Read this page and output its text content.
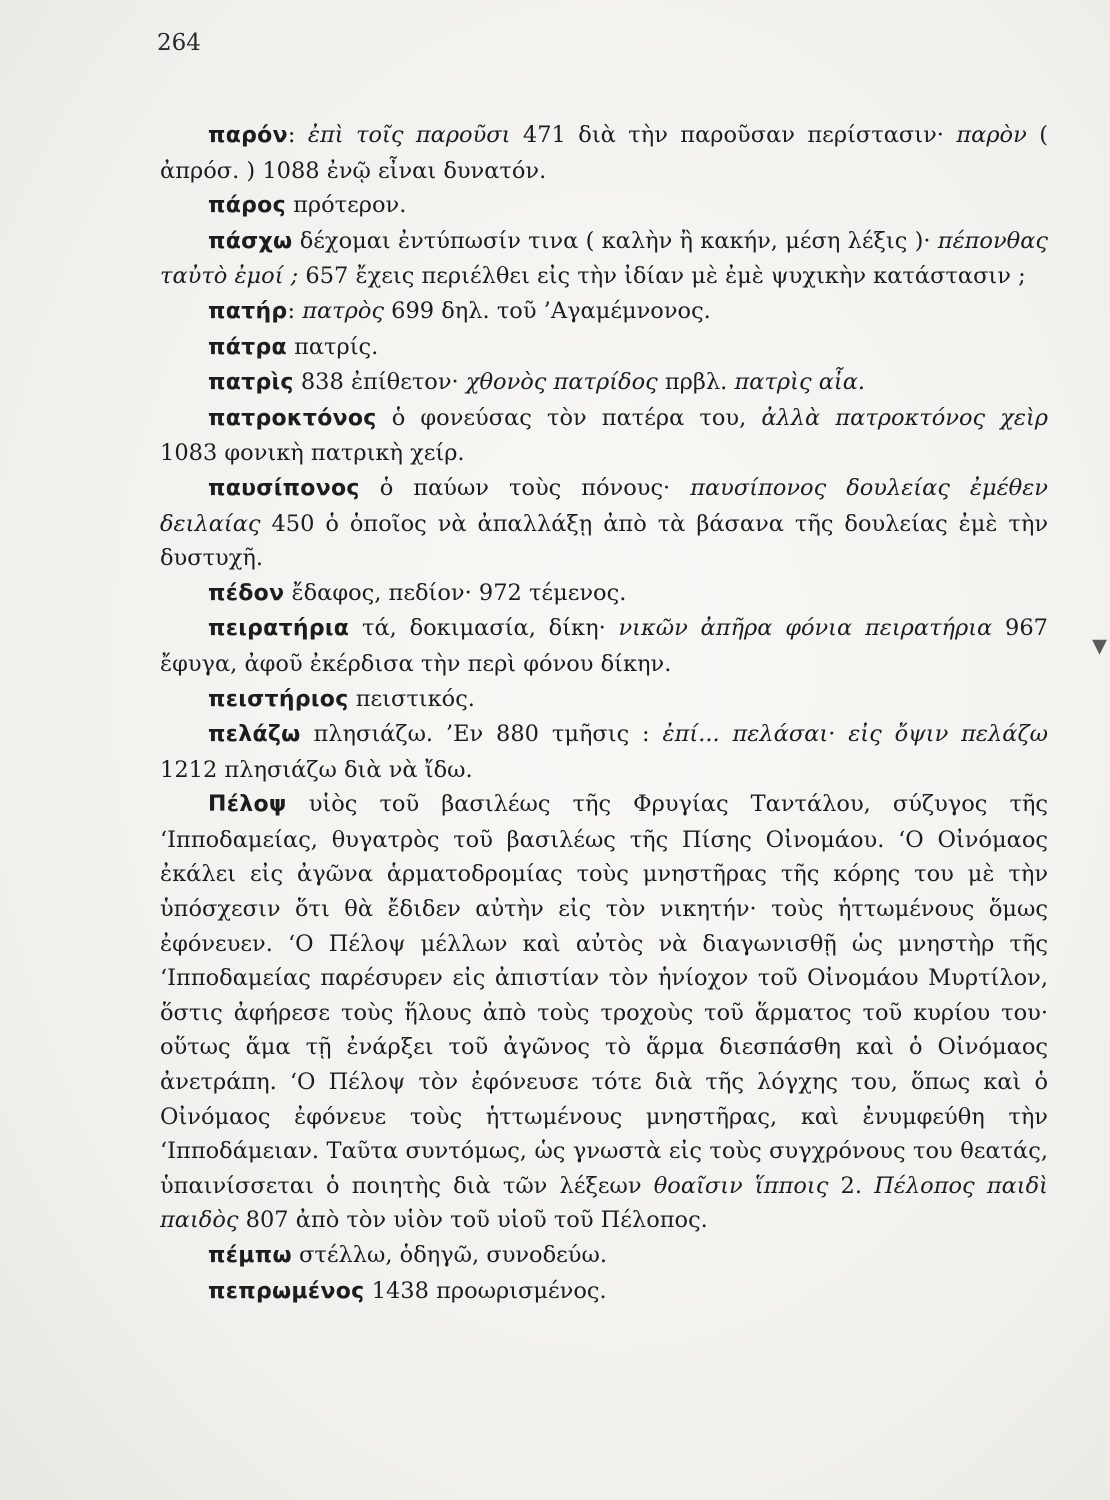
264

παρόν: ἐπὶ τοῖς παροῦσι 471 διὰ τὴν παροῦσαν περίστασιν· παρὸν ( ἀπρόσ. ) 1088 ἐνῷ εἶναι δυνατόν.

πάρος πρότερον.

πάσχω δέχομαι ἐντύπωσίν τινα ( καλὴν ἢ κακήν, μέση λέξις )· πέπονθας ταὐτὸ ἐμοί ; 657 ἔχεις περιέλθει εἰς τὴν ἰδίαν μὲ ἐμὲ ψυχικὴν κατάστασιν ;

πατήρ: πατρὸς 699 δηλ. τοῦ ’Αγαμέμνονος.

πάτρα πατρίς.

πατρὶς 838 ἐπίθετον· χθονὸς πατρίδος πρβλ. πατρὶς αἶα.

πατροκτόνος ὁ φονεύσας τὸν πατέρα του, ἀλλὰ πατροκτόνος χεὶρ 1083 φονικὴ πατρικὴ χείρ.

παυσίπονος ὁ παύων τοὺς πόνους· παυσίπονος δουλείας ἐμέθεν δειλαίας 450 ὁ ὁποῖος νὰ ἀπαλλάξῃ ἀπὸ τὰ βάσανα τῆς δουλείας ἐμὲ τὴν δυστυχῆ.

πέδον ἔδαφος, πεδίον· 972 τέμενος.

πειρατήρια τά, δοκιμασία, δίκη· νικῶν ἀπῆρα φόνια πειρατήρια 967 ἔφυγα, ἀφοῦ ἐκέρδισα τὴν περὶ φόνου δίκην.

πειστήριος πειστικός.

πελάζω πλησιάζω. ’Εν 880 τμῆσις : ἐπί... πελάσαι· εἰς ὄψιν πελάζω 1212 πλησιάζω διὰ νὰ ἴδω.

Πέλοψ υἱὸς τοῦ βασιλέως τῆς Φρυγίας Ταντάλου, σύζυγος τῆς ‘Ιπποδαμείας, θυγατρὸς τοῦ βασιλέως τῆς Πίσης Οἰνομάου. ‘Ο Οἰνόμαος ἐκάλει εἰς ἀγῶνα ἁρματοδρομίας τοὺς μνηστῆρας τῆς κόρης του μὲ τὴν ὑπόσχεσιν ὅτι θὰ ἔδιδεν αὐτὴν εἰς τὸν νικητήν· τοὺς ἡττωμένους ὅμως ἐφόνευεν. ‘Ο Πέλοψ μέλλων καὶ αὐτὸς νὰ διαγωνισθῇ ὡς μνηστὴρ τῆς ‘Ιπποδαμείας παρέσυρεν εἰς ἀπιστίαν τὸν ἡνίοχον τοῦ Οἰνομάου Μυρτίλον, ὅστις ἀφήρεσε τοὺς ἥλους ἀπὸ τοὺς τροχοὺς τοῦ ἅρματος τοῦ κυρίου του· οὕτως ἅμα τῇ ἐνάρξει τοῦ ἀγῶνος τὸ ἅρμα διεσπάσθη καὶ ὁ Οἰνόμαος ἀνετράπη. ‘Ο Πέλοψ τὸν ἐφόνευσε τότε διὰ τῆς λόγχης του, ὅπως καὶ ὁ Οἰνόμαος ἐφόνευε τοὺς ἡττωμένους μνηστῆρας, καὶ ἐνυμφεύθη τὴν ‘Ιπποδάμειαν. Ταῦτα συντόμως, ὡς γνωστὰ εἰς τοὺς συγχρόνους του θεατάς, ὑπαινίσσεται ὁ ποιητὴς διὰ τῶν λέξεων θοαῖσιν ἵπποις 2. Πέλοπος παιδὶ παιδὸς 807 ἀπὸ τὸν υἱὸν τοῦ υἱοῦ τοῦ Πέλοπος.

πέμπω στέλλω, ὁδηγῶ, συνοδεύω.

πεπρωμένος 1438 προωρισμένος.

▾
